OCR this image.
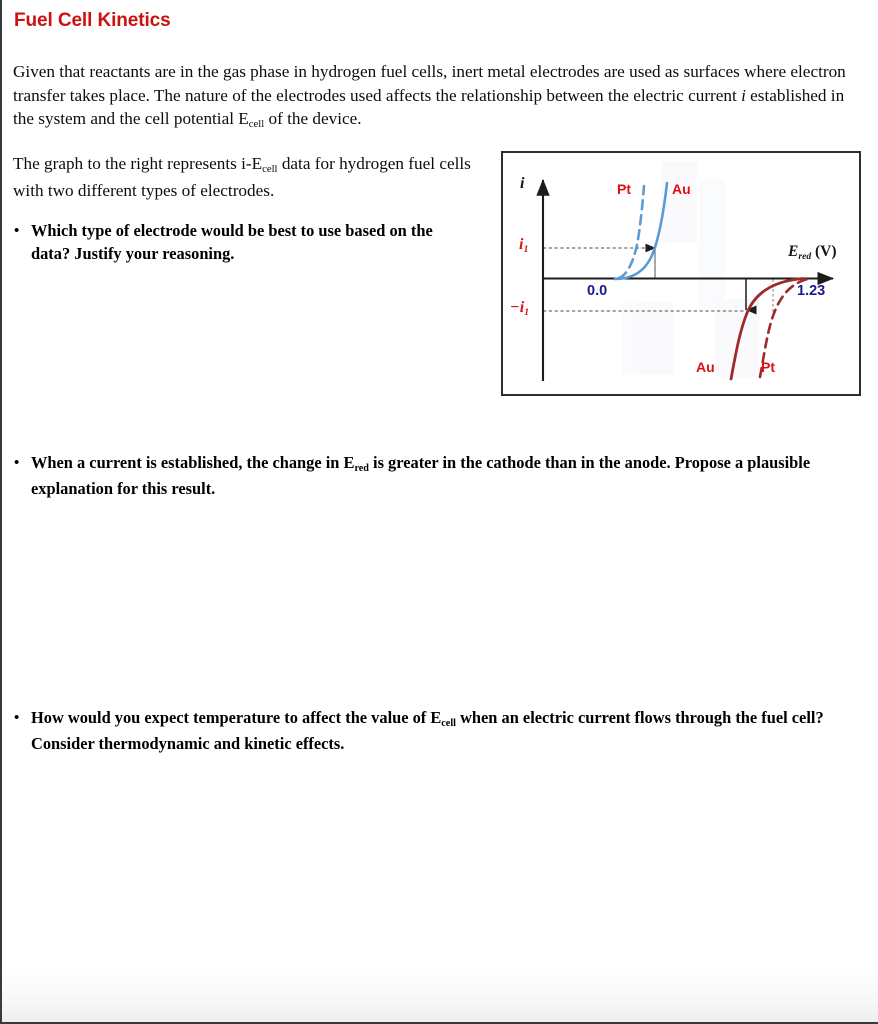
Fuel Cell Kinetics
Given that reactants are in the gas phase in hydrogen fuel cells, inert metal electrodes are used as surfaces where electron transfer takes place. The nature of the electrodes used affects the relationship between the electric current i established in the system and the cell potential $E_{cell}$ of the device.
The graph to the right represents $i-E_{cell}$ data for hydrogen fuel cells with two different types of electrodes.
• Which type of electrode would be best to use based on the data? Justify your reasoning.
• When a current is established, the change in $E_{red}$ is greater in the cathode than in the anode. Propose a plausible explanation for this result.
• How would you expect temperature to affect the value of $E_{cell}$ when an electric current flows through the fuel cell? Consider thermodynamic and kinetic effects.
i
$E_{red}$ (V)
$i_1$
$-i_1$
0.0	1.23
Pt	Au
Au	Pt
